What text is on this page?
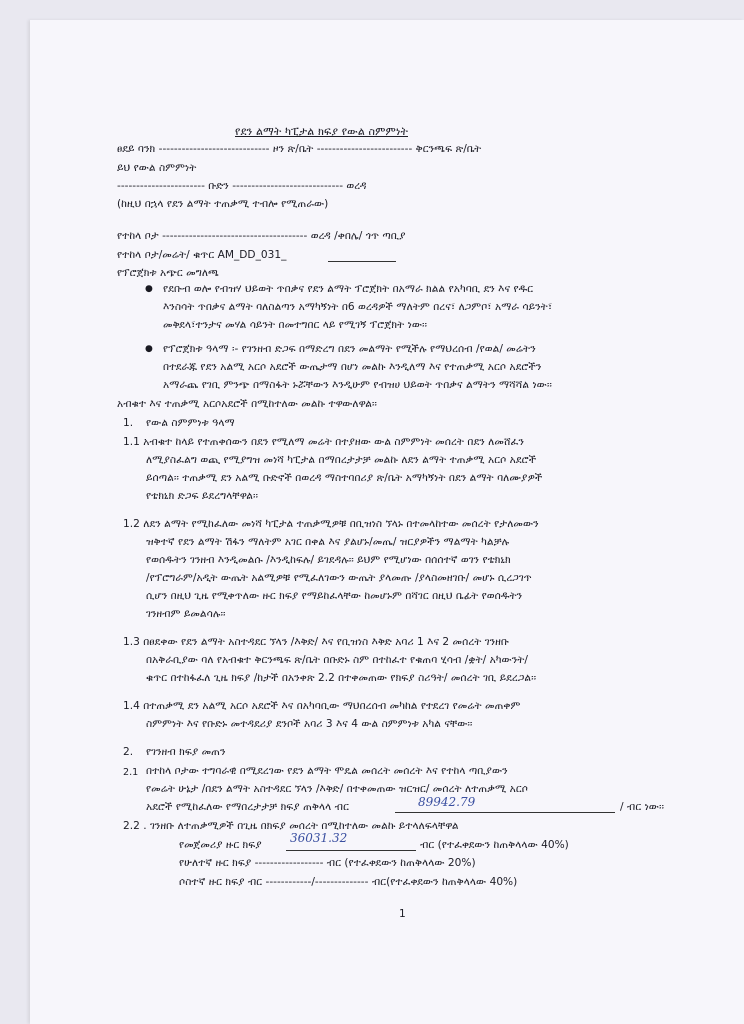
የደን ልማት ካፒታል ክፍያ የውል ስምምነት
ፀደይ ባንክ ----------------------------- ዞን ጽ/ቤት ------------------------- ቅርንጫፍ ጽ/ቤት
ይህ የውል ስምምነት
----------------------- ቡድን ----------------------------- ወረዳ
(ከዚህ በኋላ የደን ልማት ተጠቃሚ ተብሎ የሚጠራው)
የተከላ ቦታ -------------------------------------- ወረዳ /ቀበሌ/ ጎጥ ጣቢያ
የተከላ ቦታ/መሬት/ ቁጥር AM_DD_031_
የፕሮጀክቱ አጭር መግለጫ
● የደቡብ ወሎ የብዝሃ ህይወት ጥበቃና የደን ልማት ፕሮጀክት በአማራ ክልል የአካባቢ ደን እና የዱር
እንስሳት ጥበቃና ልማት ባለስልጣን አማካኝነት በ6 ወረዳዎች ማለትም በረና፣ ለጋምቦ፣ አማራ ሳይንት፣
መቅደላ፣ተንታና መሃል ሳይንት በመተግበር ላይ የሚገኝ ፕሮጀክት ነው፡፡
● የፕሮጀክቱ ዓላማ ፡- የገንዘብ ድጋፍ በማድረግ በደን መልማት የሚችሉ የማህረሰብ /የወል/ መሬትን
በተደራጁ የደን አልሚ አርሶ አደሮች ውጤታማ በሆነ መልኩ እንዲለማ እና የተጠቃሚ አርሶ አደሮችን
አማራጨ የገቢ ምንጭ በማስፋት ኑሯቸውን እንዲሁም የብዝሀ ህይወት ጥበቃና ልማትን ማሻሻል ነው፡፡
አብቁተ እና ተጠቃሚ አርሶአደሮች በሚከተለው መልኩ ተዋውለዋል፡፡
1. የውል ስምምነቱ ዓላማ
1.1 አብቁተ ከላይ የተጠቀሰውን በደን የሚለማ መሬት በተያዘው ውል ስምምነት መሰረት በደን ለመሸፈን
ለሚያስፈልግ ወጪ የሚያግዝ መነሻ ካፒታል በማበረታታቻ መልኩ ለደን ልማት ተጠቃሚ አርሶ አደሮች
ይሰጣል፡፡ ተጠቃሚ ደን አልሚ ቡድኖች በወረዳ ማስተባበሪያ ጽ/ቤት አማካኝነት በደን ልማት ባለሙያዎች
የቴክኒክ ድጋፍ ይደረግላቸዋል፡፡
1.2 ለደን ልማት የሚከፈለው መነሻ ካፒታል ተጠቃሚዎቹ በቢዝነስ ኘላኑ በተመላከተው መሰረት የታለመውን
ዝቅተኛ የደን ልማት ሽፋን ማለትም አገር በቀል እና ያልሆኑ/መጤ/ ዝርያዎችን ማልማት ካልቻሉ
የወሰዱትን ገንዘብ እንዲመልሱ /እንዲከፍሉ/ ይገደዳሉ፡፡ ይህም የሚሆነው በሰሰተኛ ወገን የቴክኒክ
/የፕሮግራም/አዲት ውጤት አልሚዎቹ የሚፈለገውን ውጤት ያላመጡ /ያላስመዘገቡ/ መሆኑ ሲረጋገጥ
ሲሆን በዚህ ጊዜ የሚቀጥለው ዙር ክፍያ የማይከፈላቸው ከመሆኑም በሻገር በዚህ ቤፊት የወሰዱትን
ገንዘብም ይመልሳሉ፡፡
1.3 በፀደቀው የደን ልማት አስተዳደር ኘላን /እቅድ/ እና የቢዝነስ እቅድ አባሪ 1 እና 2 መሰረት ገንዘቡ
በአቅራቢያው ባለ የአብቁተ ቅርንጫፍ ጽ/ቤት በቡድኑ ስም በተከፈተ የቁጠባ ሂሳብ /ቋት/ አካውንት/
ቁጥር በተከፋፈለ ጊዜ ክፍያ /ከታች በአንቀጽ 2.2 በተቀመጠው የክፍያ ስሪዓት/ መሰረት ገቢ ይደረጋል፡፡
1.4 በተጠቃሚ ደን አልሚ አርሶ አደሮች እና በአካባቢው ማህበረሰብ መካከል የተደረገ የመሬት መጠቀም
ስምምነት እና የቡድኑ መተዳደሪያ ደንቦች አባሪ 3 እና 4 ውል ስምምነቱ አካል ናቸው፡፡
2. የገንዘብ ክፍያ መጠን
2.1 በተከላ ቦታው ተግባራዊ በሚደረገው የደን ልማት ሞዴል መሰረት መሰረት እና የተከላ ጣቢያውን
የመሬት ሁኔታ /በደን ልማት አስተዳደር ኘላን /እቅድ/ በተቀመጠው ዝርዝር/ መሰረት ለተጠቃሚ አርሶ
አደሮች የሚከፈለው የማበረታታቻ ክፍያ ጠቅላላ ብር	89942.79	/ ብር ነው፡፡
2.2 . ገንዘቡ ለተጠቃሚዎች በጊዜ በክፍያ መሰረት በሚከተለው መልኩ ይተላለፍላቸዋል
የመጀመሪያ ዙር ክፍያ 36031.32	ብር (የተፈቀደውን ከጠቅላላው 40%)
የሁለተኛ ዙር ክፍያ ------------------ ብር (የተፈቀደውን ከጠቅላላው 20%)
ሶስተኛ ዙር ክፍያ ብር ------------/-------------- ብር(የተፈቀደውን ከጠቅላላው 40%)
1
